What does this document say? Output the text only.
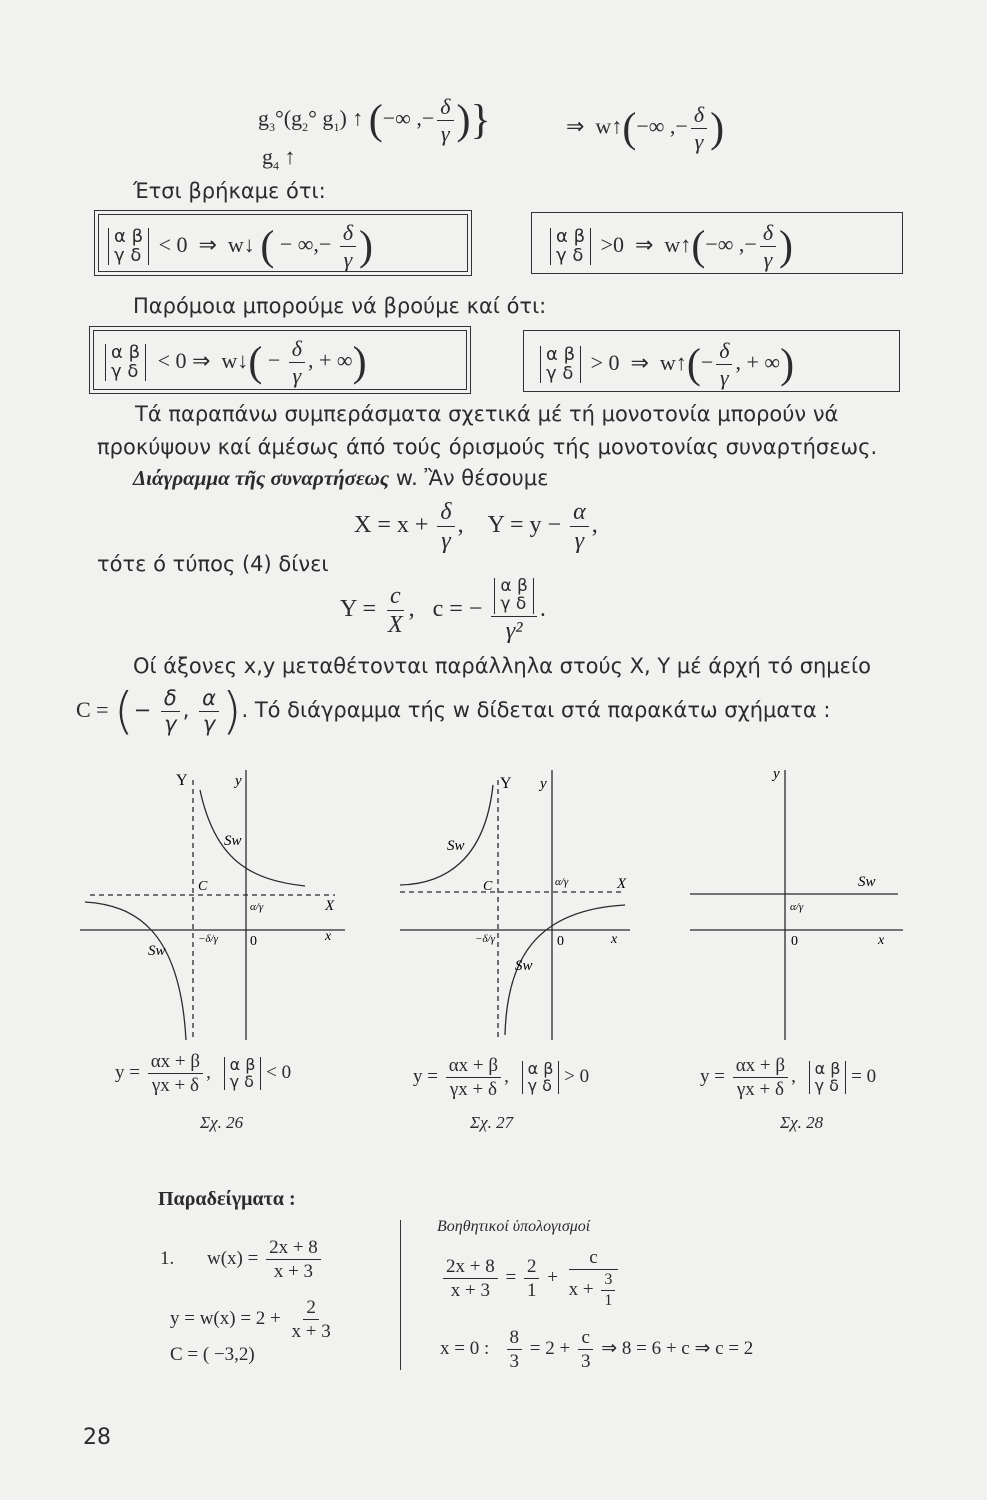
$g_3^\circ(g_2^\circ$ $g_1$) ↑ (−∞ ,− $\frac{\delta}{\gamma}$ )}	⇒  w↑(−∞ ,− $\frac{\delta}{\gamma}$ )
$g_4$ ↑
Έτσι βρήκαμε ότι:
α β
γ δ < 0  ⇒  w↓ ( − ∞,− $\frac{\delta}{\gamma}$ )	α β
γ δ >0  ⇒  w↑(−∞ ,− $\frac{\delta}{\gamma}$ )
Παρόμοια μπορούμε νά βρούμε καί ότι:
α β
γ δ < 0 ⇒  w↓( − $\frac{\delta}{\gamma}$ , + ∞)	α β
γ δ > 0  ⇒  w↑(− $\frac{\delta}{\gamma}$ , + ∞)
Τά παραπάνω συμπεράσματα σχετικά μέ τή μονοτονία μπορούν νά προκύψουν καί άμέσως άπό τούς όρισμούς τής μονοτονίας συναρτήσεως.
Διάγραμμα τῆς συναρτήσεως w. Ἂν θέσουμε
$X = x + \frac{\delta}{\gamma}$ ,    $Y = y - \frac{\alpha}{\gamma}$ ,
τότε ό τύπος (4) δίνει
$Y = \frac{c}{X}$ ,   c = − α β
γ δ
γ² .
Οί άξονες x,y μεταθέτονται παράλληλα στούς X, Y μέ άρχή τό σημείο
C = (− $\frac{\delta}{\gamma}$ , $\frac{\alpha}{\gamma}$ ). Τό διάγραμμα τής w δίδεται στά παρακάτω σχήματα :
Y	y
C
0
X
x
Sw
Sw
α/γ
−δ/γ
Y y
C
0
X
x
Sw
Sw
α/γ
−δ/γ
y
0	x
Sw
α/γ
$y = \frac{\alpha x + \beta}{\gamma x + \delta}$ , α β
γ δ < 0	$y = \frac{\alpha x + \beta}{\gamma x + \delta}$ , α β
γ δ > 0	$y = \frac{\alpha x + \beta}{\gamma x + \delta}$ , α β
γ δ = 0
Σχ. 26	Σχ. 27	Σχ. 28
Παραδείγματα :
1. $w(x) = \frac{2x + 8}{x + 3}$
$y = w(x) = 2 + \frac{2}{x + 3}$
C = ( −3,2)
Βοηθητικοί ὑπολογισμοί
$\frac{2x + 8}{x + 3} = \frac{2}{1} + \frac{c}{x + \frac{3}{1}}$
x = 0 : $\frac{8}{3} = 2 + \frac{c}{3}$ ⇒ 8 = 6 + c ⇒ c = 2
28
